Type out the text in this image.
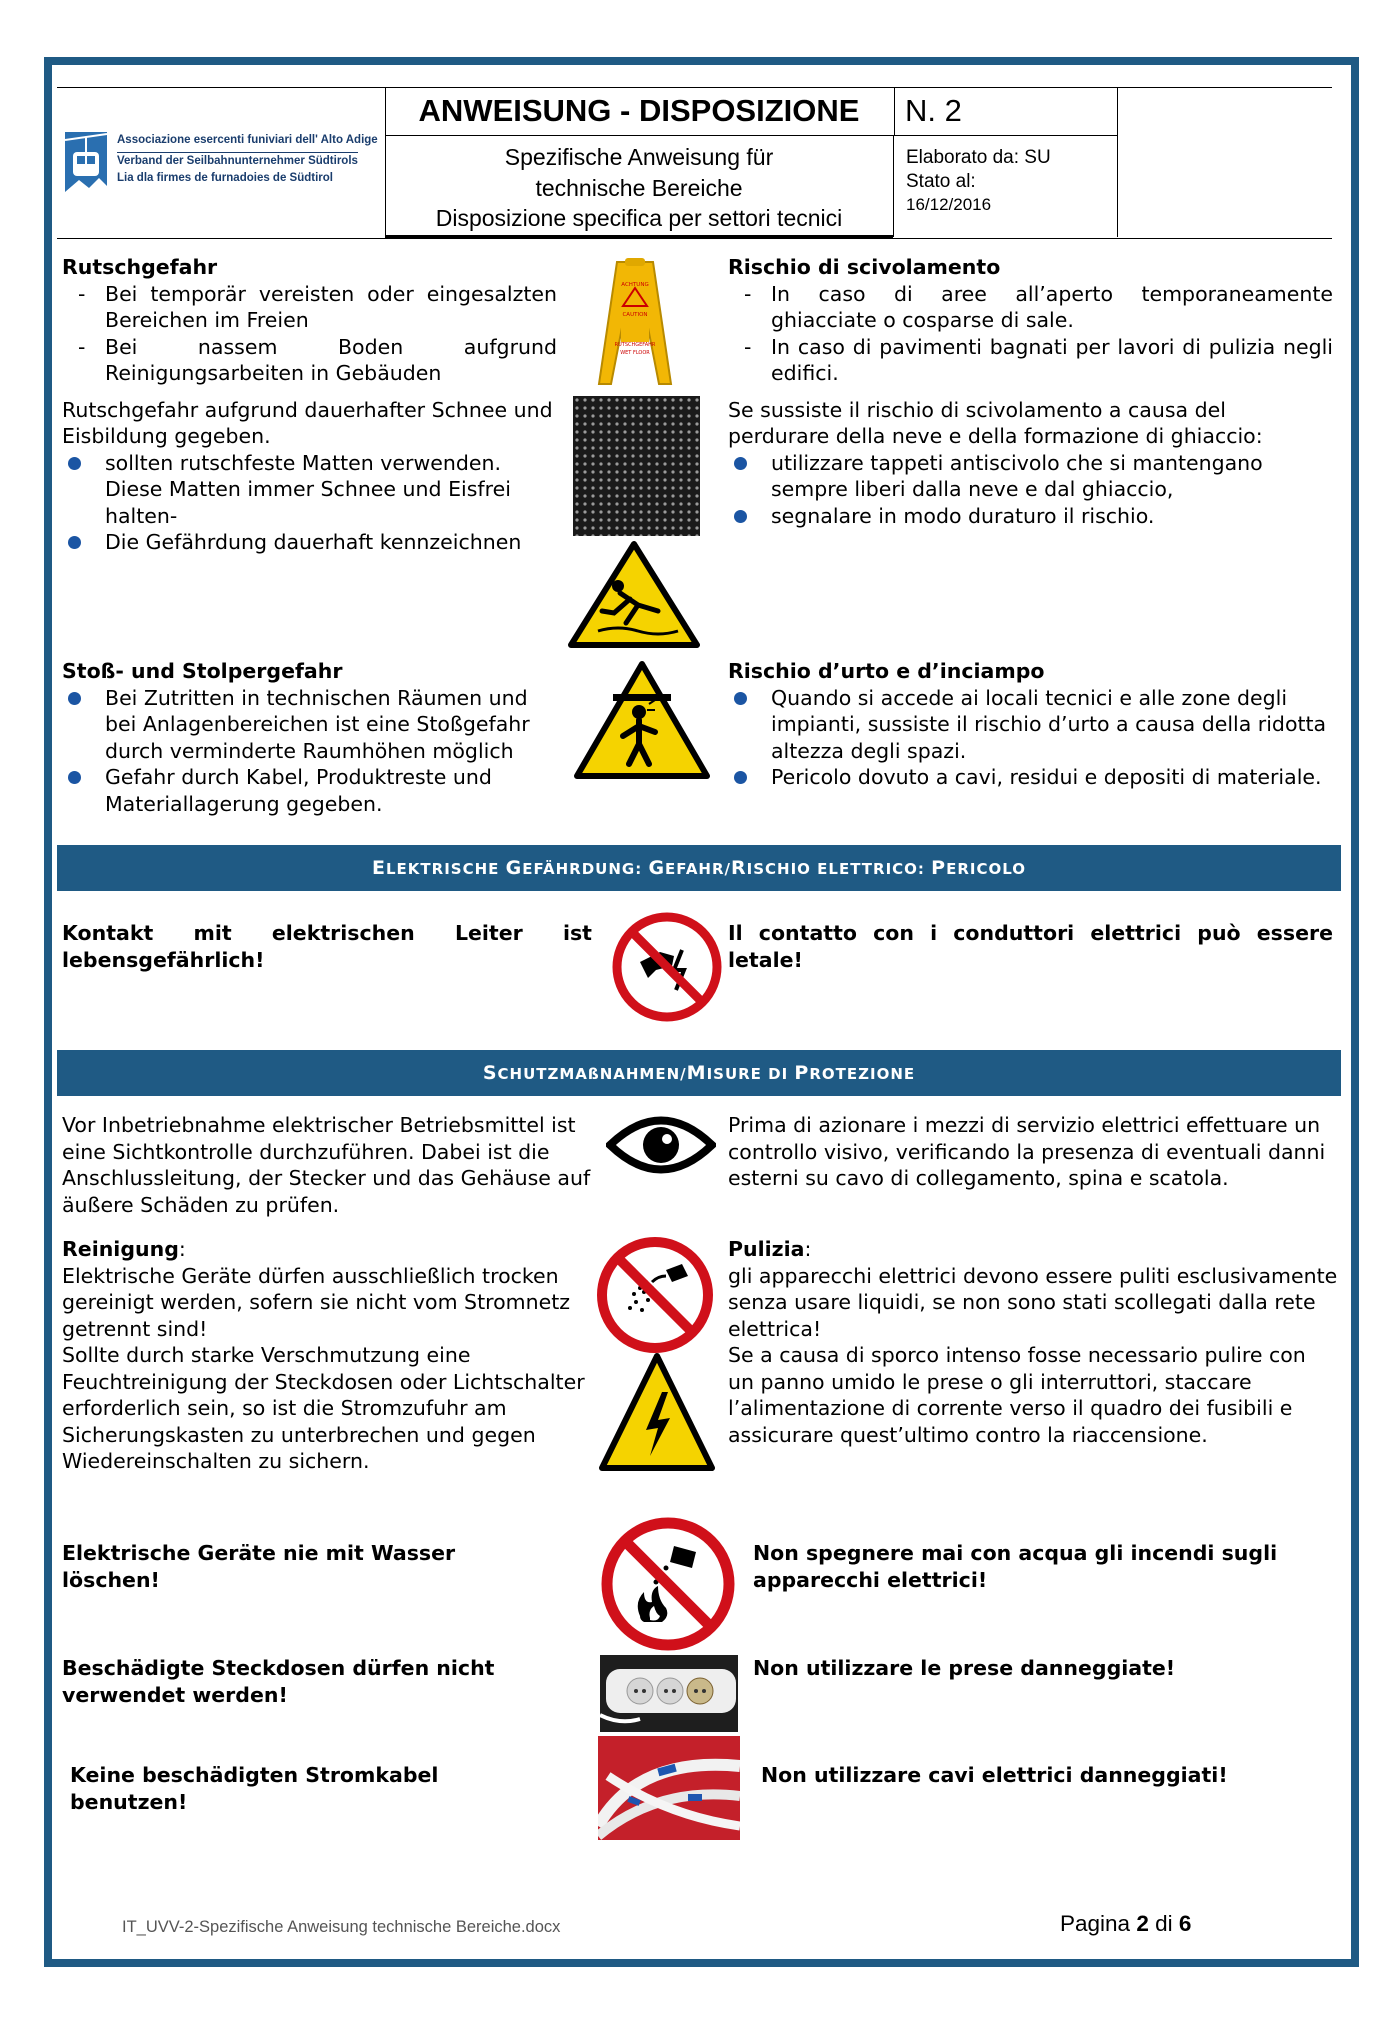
Associazione esercenti funiviari dell' Alto Adige
Verband der Seilbahnunternehmer Südtirols
Lia dla firmes de furnadoies de Südtirol
ANWEISUNG - DISPOSIZIONE	N. 2
Spezifische Anweisung für
technische Bereiche
Disposizione specifica per settori tecnici
Elaborato da: SU
Stato al:
16/12/2016
Rutschgefahr
- Bei temporär vereisten oder eingesalzten Bereichen im Freien
- Bei nassem Boden aufgrund Reinigungsarbeiten in Gebäuden
Rutschgefahr aufgrund dauerhafter Schnee und Eisbildung gegeben.
sollten rutschfeste Matten verwenden. Diese Matten immer Schnee und Eisfrei halten-
Die Gefährdung dauerhaft kennzeichnen
ACHTUNG
CAUTION
RUTSCHGEFAHR
WET FLOOR
Rischio di scivolamento
- In caso di aree all’aperto temporaneamente ghiacciate o cosparse di sale.
- In caso di pavimenti bagnati per lavori di pulizia negli edifici.
Se sussiste il rischio di scivolamento a causa del perdurare della neve e della formazione di ghiaccio:
utilizzare tappeti antiscivolo che si mantengano sempre liberi dalla neve e dal ghiaccio,
segnalare in modo duraturo il rischio.
Stoß- und Stolpergefahr
Bei Zutritten in technischen Räumen und bei Anlagenbereichen ist eine Stoßgefahr durch verminderte Raumhöhen möglich
Gefahr durch Kabel, Produktreste und Materiallagerung gegeben.
Rischio d’urto e d’inciampo
Quando si accede ai locali tecnici e alle zone degli impianti, sussiste il rischio d’urto a causa della ridotta altezza degli spazi.
Pericolo dovuto a cavi, residui e depositi di materiale.
ELEKTRISCHE GEFÄHRDUNG: GEFAHR/RISCHIO ELETTRICO: PERICOLO
Kontakt mit elektrischen Leiter ist lebensgefährlich!
Il contatto con i conduttori elettrici può essere letale!
SCHUTZMAßNAHMEN/MISURE DI PROTEZIONE
Vor Inbetriebnahme elektrischer Betriebsmittel ist eine Sichtkontrolle durchzuführen. Dabei ist die Anschlussleitung, der Stecker und das Gehäuse auf äußere Schäden zu prüfen.
Prima di azionare i mezzi di servizio elettrici effettuare un controllo visivo, verificando la presenza di eventuali danni esterni su cavo di collegamento, spina e scatola.
Reinigung:
Elektrische Geräte dürfen ausschließlich trocken gereinigt werden, sofern sie nicht vom Stromnetz getrennt sind!
Sollte durch starke Verschmutzung eine Feuchtreinigung der Steckdosen oder Lichtschalter erforderlich sein, so ist die Stromzufuhr am Sicherungskasten zu unterbrechen und gegen Wiedereinschalten zu sichern.
Pulizia:
gli apparecchi elettrici devono essere puliti esclusivamente senza usare liquidi, se non sono stati scollegati dalla rete elettrica!
Se a causa di sporco intenso fosse necessario pulire con un panno umido le prese o gli interruttori, staccare l’alimentazione di corrente verso il quadro dei fusibili e assicurare quest’ultimo contro la riaccensione.
Elektrische Geräte nie mit Wasser löschen!
Non spegnere mai con acqua gli incendi sugli apparecchi elettrici!
Beschädigte Steckdosen dürfen nicht verwendet werden!
Non utilizzare le prese danneggiate!
Keine beschädigten Stromkabel benutzen!
Non utilizzare cavi elettrici danneggiati!
IT_UVV-2-Spezifische Anweisung technische Bereiche.docx	Pagina 2 di 6
